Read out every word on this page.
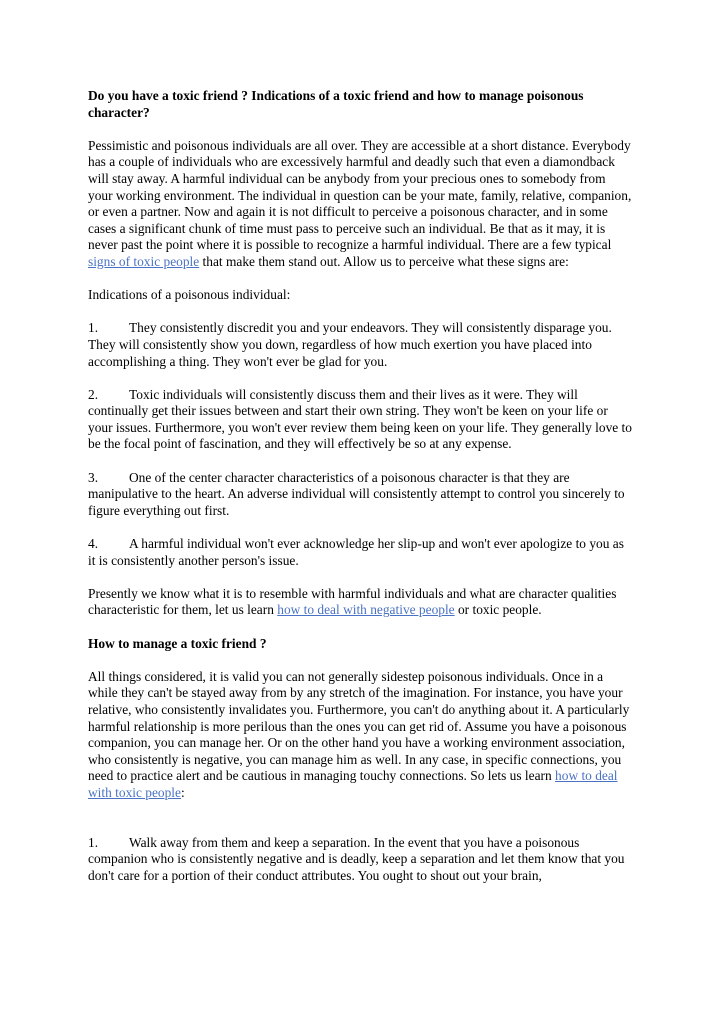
Do you have a toxic friend ? Indications of a toxic friend and how to manage poisonous character?

Pessimistic and poisonous individuals are all over. They are accessible at a short distance. Everybody has a couple of individuals who are excessively harmful and deadly such that even a diamondback will stay away. A harmful individual can be anybody from your precious ones to somebody from your working environment. The individual in question can be your mate, family, relative, companion, or even a partner. Now and again it is not difficult to perceive a poisonous character, and in some cases a significant chunk of time must pass to perceive such an individual. Be that as it may, it is never past the point where it is possible to recognize a harmful individual. There are a few typical signs of toxic people that make them stand out. Allow us to perceive what these signs are:

Indications of a poisonous individual:

1. They consistently discredit you and your endeavors. They will consistently disparage you. They will consistently show you down, regardless of how much exertion you have placed into accomplishing a thing. They won't ever be glad for you.

2. Toxic individuals will consistently discuss them and their lives as it were. They will continually get their issues between and start their own string. They won't be keen on your life or your issues. Furthermore, you won't ever review them being keen on your life. They generally love to be the focal point of fascination, and they will effectively be so at any expense.

3. One of the center character characteristics of a poisonous character is that they are manipulative to the heart. An adverse individual will consistently attempt to control you sincerely to figure everything out first.

4. A harmful individual won't ever acknowledge her slip-up and won't ever apologize to you as it is consistently another person's issue.

Presently we know what it is to resemble with harmful individuals and what are character qualities characteristic for them, let us learn how to deal with negative people or toxic people.

How to manage a toxic friend ?

All things considered, it is valid you can not generally sidestep poisonous individuals. Once in a while they can't be stayed away from by any stretch of the imagination. For instance, you have your relative, who consistently invalidates you. Furthermore, you can't do anything about it. A particularly harmful relationship is more perilous than the ones you can get rid of. Assume you have a poisonous companion, you can manage her. Or on the other hand you have a working environment association, who consistently is negative, you can manage him as well. In any case, in specific connections, you need to practice alert and be cautious in managing touchy connections. So lets us learn how to deal with toxic people:

1. Walk away from them and keep a separation. In the event that you have a poisonous companion who is consistently negative and is deadly, keep a separation and let them know that you don't care for a portion of their conduct attributes. You ought to shout out your brain,
